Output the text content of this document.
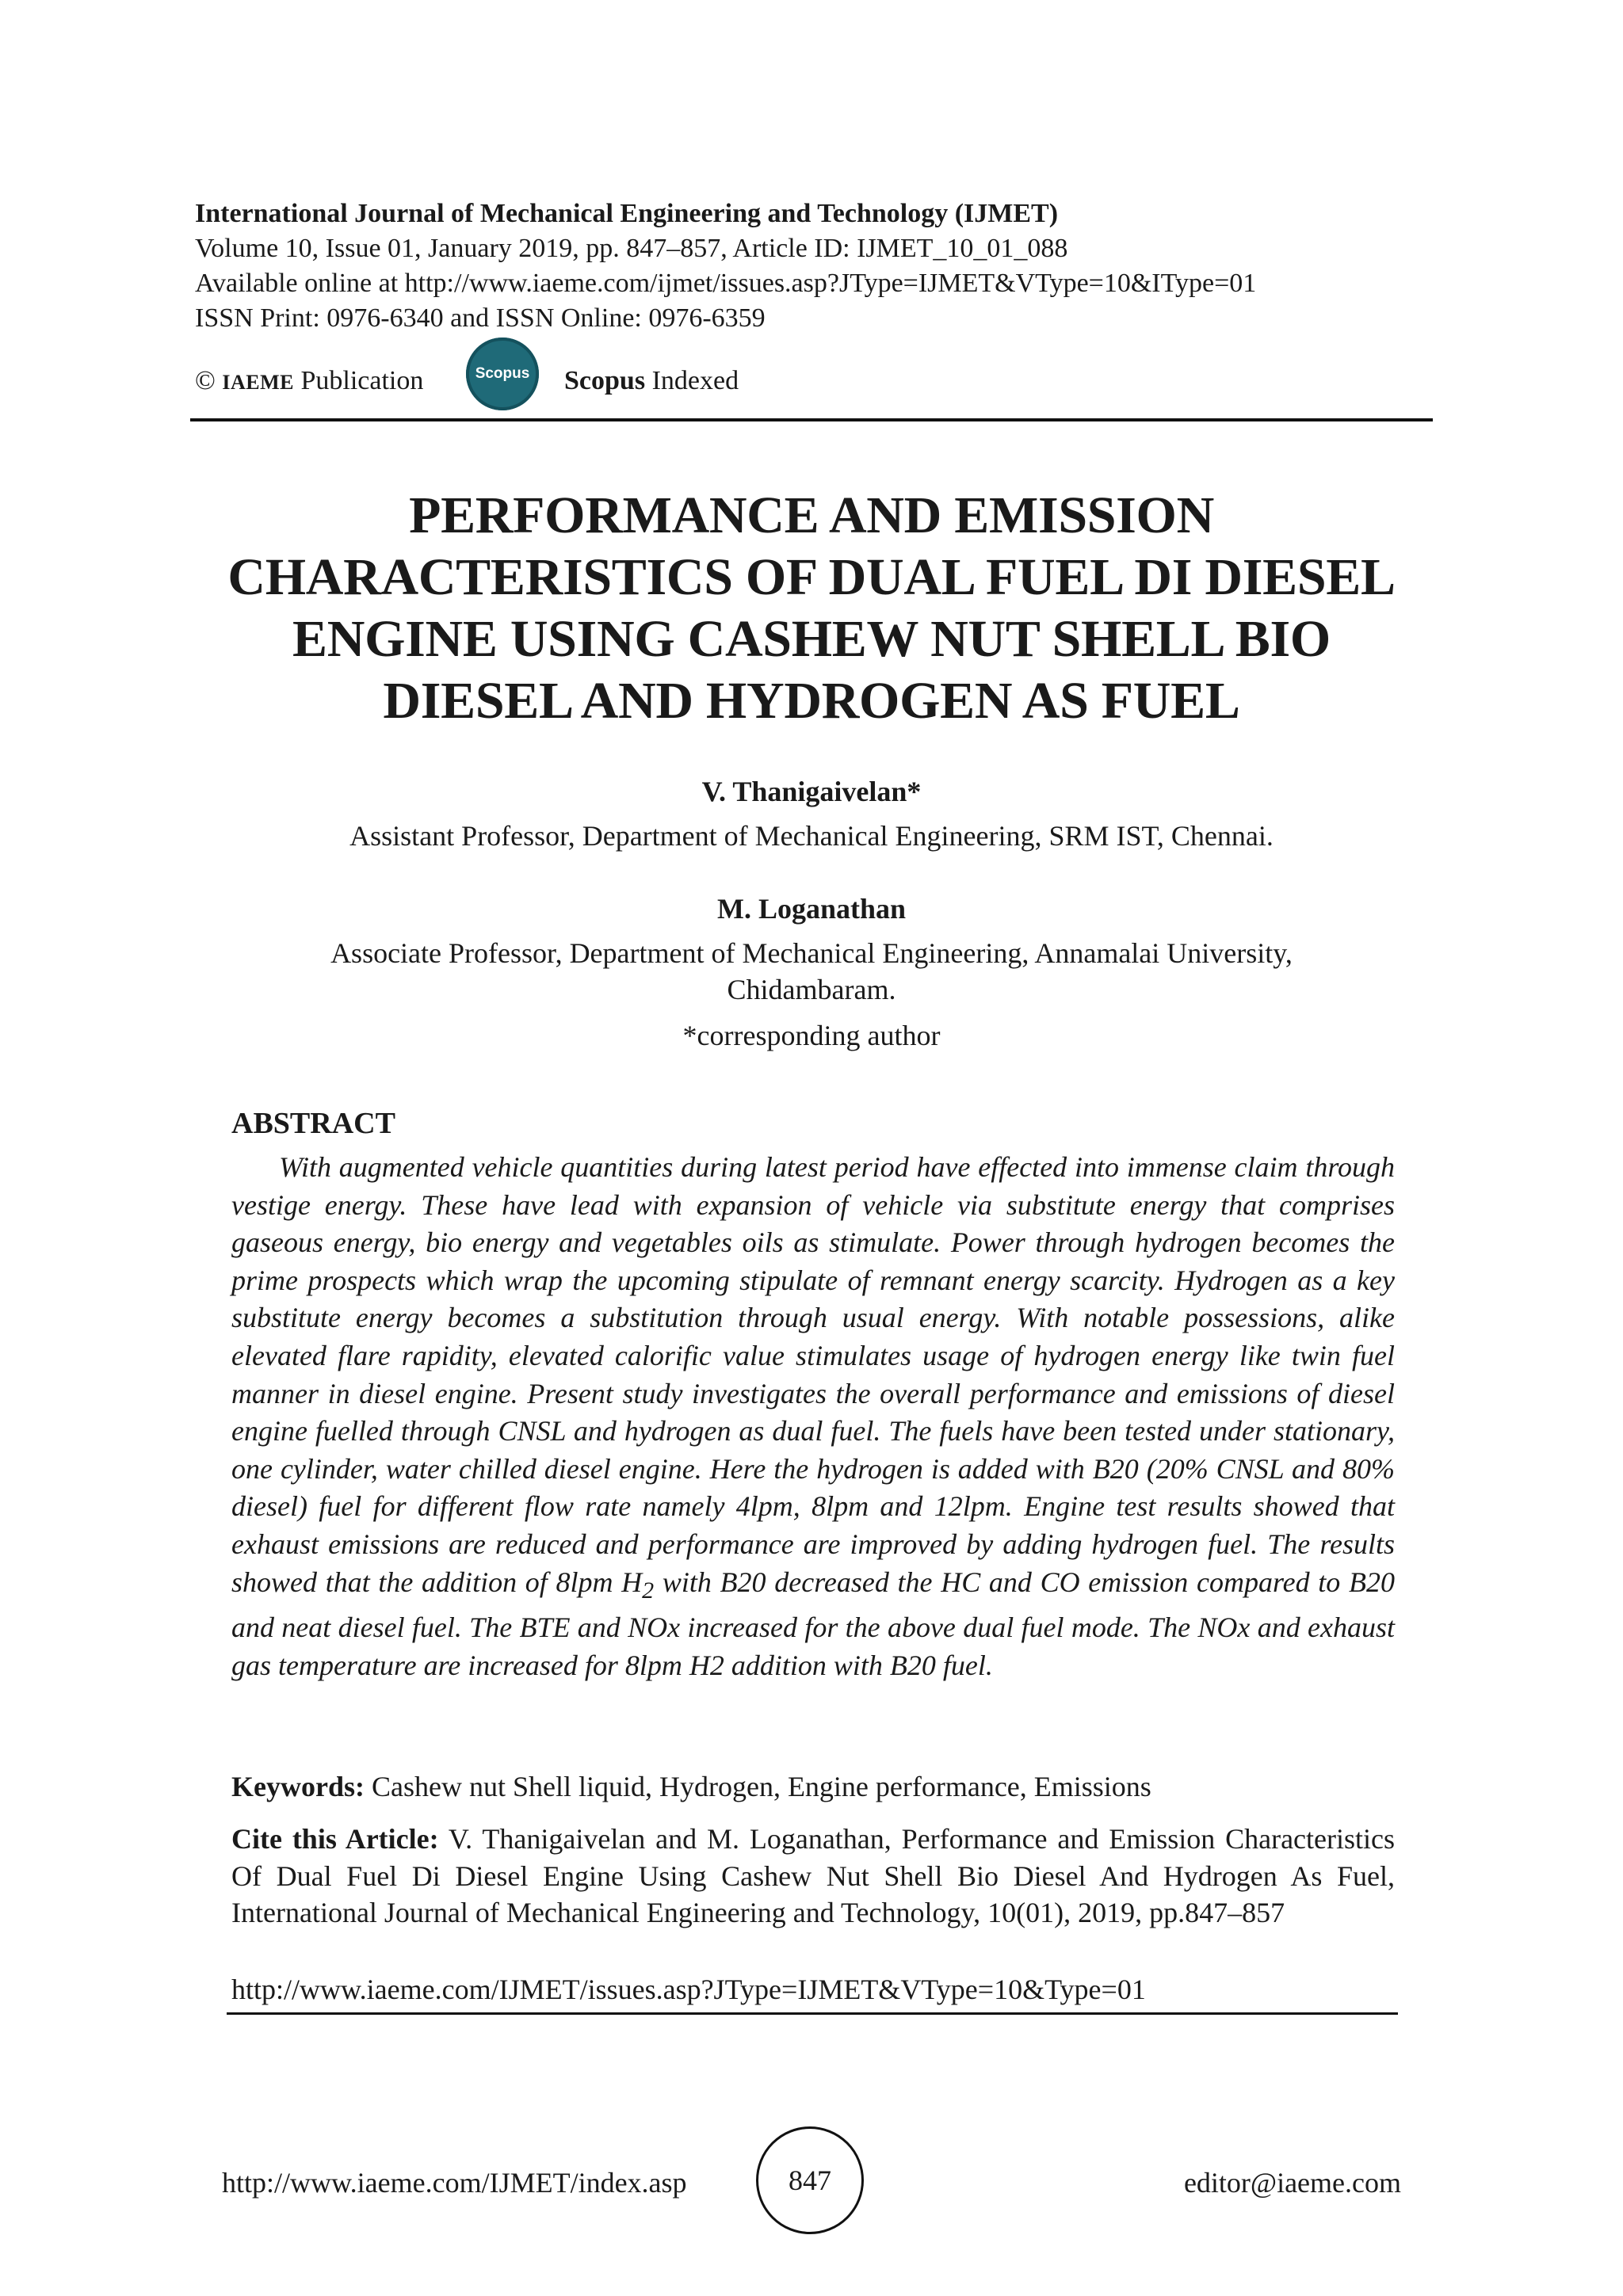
International Journal of Mechanical Engineering and Technology (IJMET)
Volume 10, Issue 01, January 2019, pp. 847–857, Article ID: IJMET_10_01_088
Available online at http://www.iaeme.com/ijmet/issues.asp?JType=IJMET&VType=10&IType=01
ISSN Print: 0976-6340 and ISSN Online: 0976-6359
© IAEME Publication	Scopus Scopus Indexed
PERFORMANCE AND EMISSION
CHARACTERISTICS OF DUAL FUEL DI DIESEL
ENGINE USING CASHEW NUT SHELL BIO
DIESEL AND HYDROGEN AS FUEL
V. Thanigaivelan*
Assistant Professor, Department of Mechanical Engineering, SRM IST, Chennai.
M. Loganathan
Associate Professor, Department of Mechanical Engineering, Annamalai University,
Chidambaram.
*corresponding author
ABSTRACT

With augmented vehicle quantities during latest period have effected into immense claim through vestige energy. These have lead with expansion of vehicle via substitute energy that comprises gaseous energy, bio energy and vegetables oils as stimulate. Power through hydrogen becomes the prime prospects which wrap the upcoming stipulate of remnant energy scarcity. Hydrogen as a key substitute energy becomes a substitution through usual energy. With notable possessions, alike elevated flare rapidity, elevated calorific value stimulates usage of hydrogen energy like twin fuel manner in diesel engine. Present study investigates the overall performance and emissions of diesel engine fuelled through CNSL and hydrogen as dual fuel. The fuels have been tested under stationary, one cylinder, water chilled diesel engine. Here the hydrogen is added with B20 (20% CNSL and 80% diesel) fuel for different flow rate namely 4lpm, 8lpm and 12lpm. Engine test results showed that exhaust emissions are reduced and performance are improved by adding hydrogen fuel. The results showed that the addition of 8lpm $H_2$ with B20 decreased the HC and CO emission compared to B20 and neat diesel fuel. The BTE and NOx increased for the above dual fuel mode. The NOx and exhaust gas temperature are increased for 8lpm H2 addition with B20 fuel.

Keywords: Cashew nut Shell liquid, Hydrogen, Engine performance, Emissions
Cite this Article: V. Thanigaivelan and M. Loganathan, Performance and Emission Characteristics Of Dual Fuel Di Diesel Engine Using Cashew Nut Shell Bio Diesel And Hydrogen As Fuel, International Journal of Mechanical Engineering and Technology, 10(01), 2019, pp.847–857
http://www.iaeme.com/IJMET/issues.asp?JType=IJMET&VType=10&Type=01
http://www.iaeme.com/IJMET/index.asp	847	editor@iaeme.com
